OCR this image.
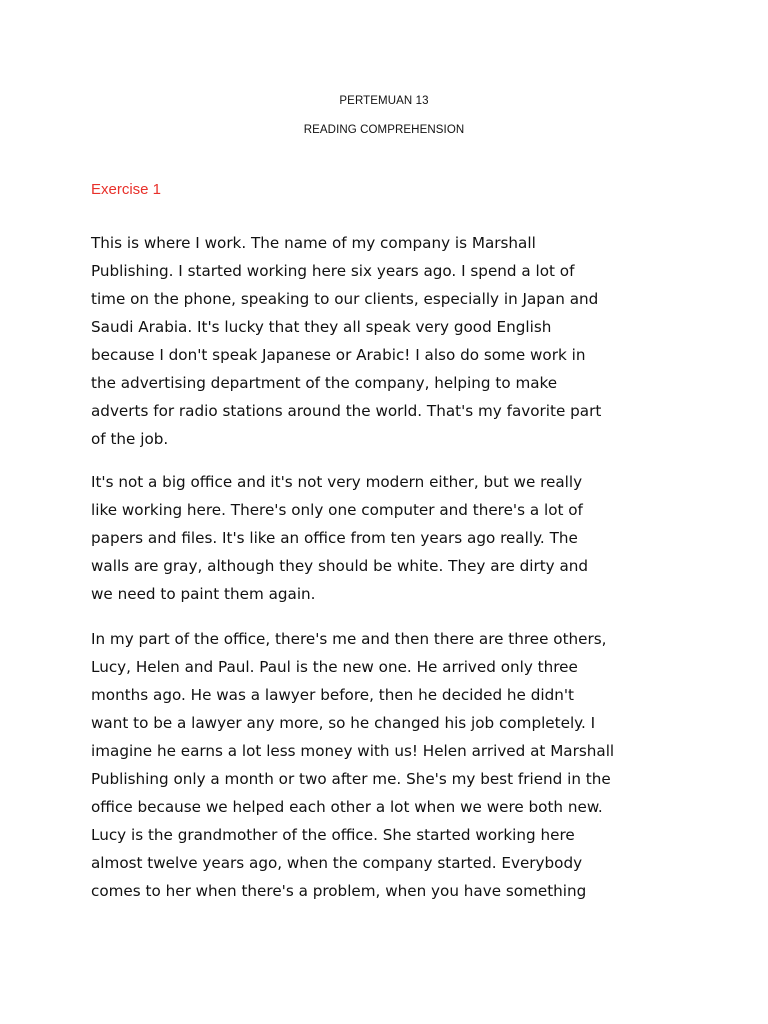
PERTEMUAN 13
READING COMPREHENSION
Exercise 1

This is where I work. The name of my company is Marshall
Publishing. I started working here six years ago. I spend a lot of
time on the phone, speaking to our clients, especially in Japan and
Saudi Arabia. It's lucky that they all speak very good English
because I don't speak Japanese or Arabic! I also do some work in
the advertising department of the company, helping to make
adverts for radio stations around the world. That's my favorite part
of the job.

It's not a big office and it's not very modern either, but we really
like working here. There's only one computer and there's a lot of
papers and files. It's like an office from ten years ago really. The
walls are gray, although they should be white. They are dirty and
we need to paint them again.

In my part of the office, there's me and then there are three others,
Lucy, Helen and Paul. Paul is the new one. He arrived only three
months ago. He was a lawyer before, then he decided he didn't
want to be a lawyer any more, so he changed his job completely. I
imagine he earns a lot less money with us! Helen arrived at Marshall
Publishing only a month or two after me. She's my best friend in the
office because we helped each other a lot when we were both new.
Lucy is the grandmother of the office. She started working here
almost twelve years ago, when the company started. Everybody
comes to her when there's a problem, when you have something
